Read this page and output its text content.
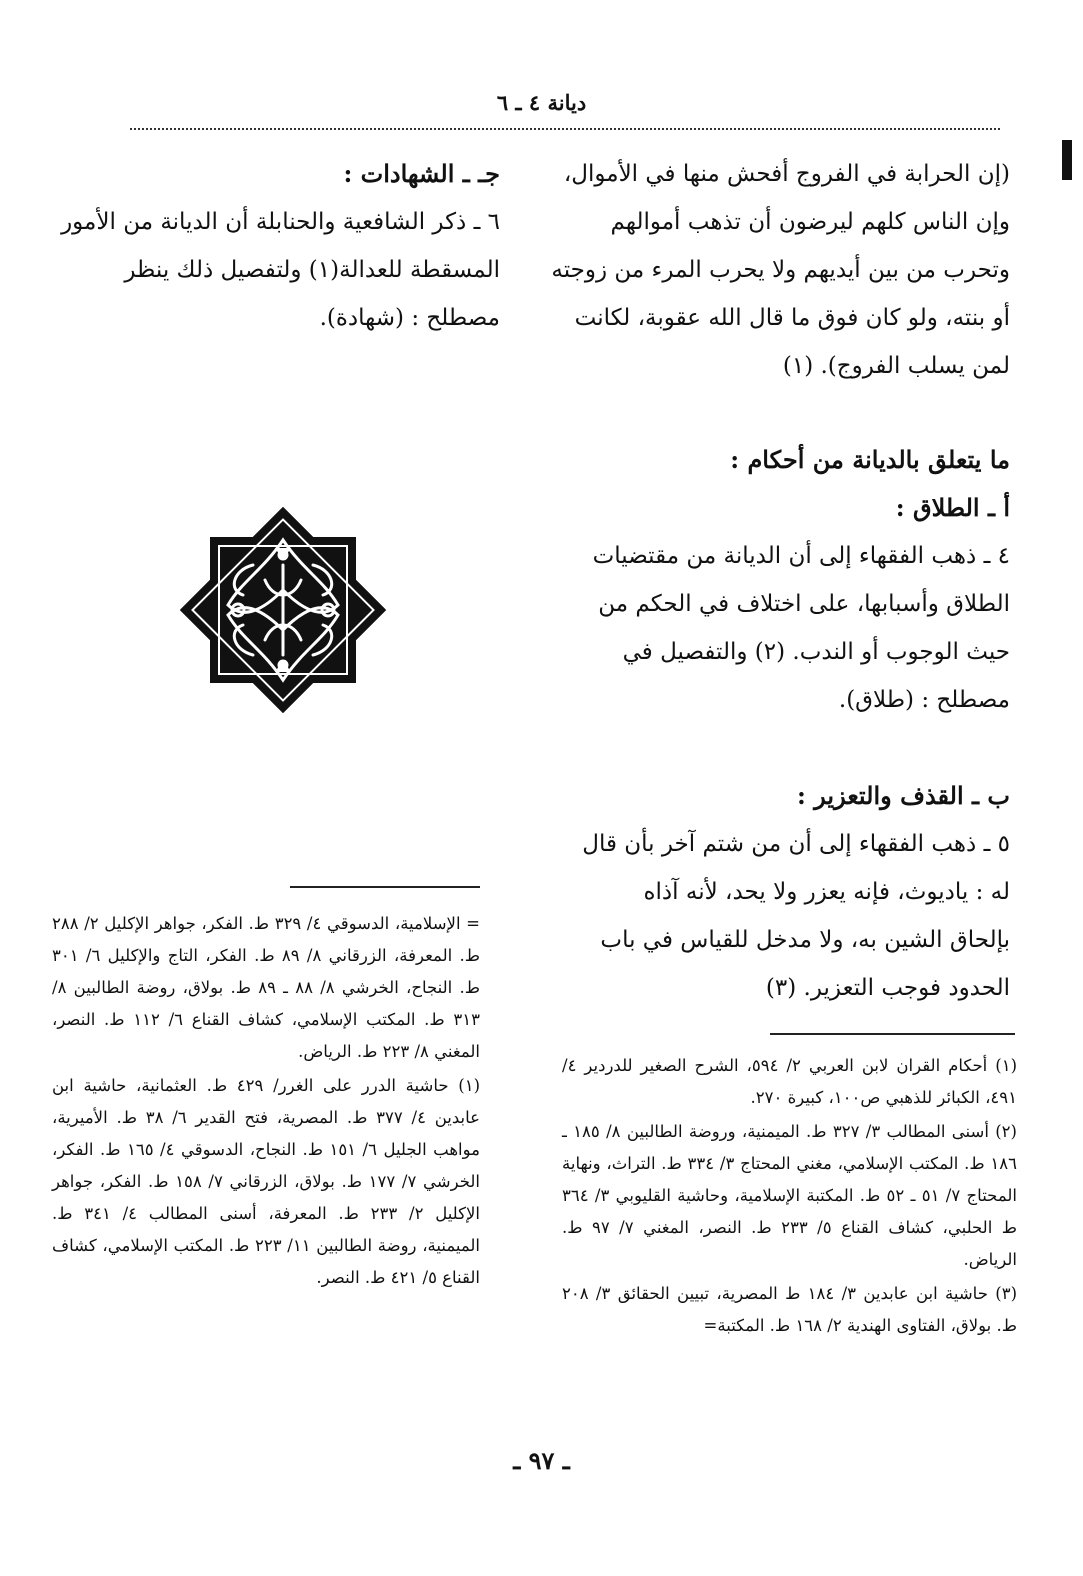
ديانة ٤ ـ ٦

(إن الحرابة في الفروج أفحش منها في الأموال،

وإن الناس كلهم ليرضون أن تذهب أموالهم

وتحرب من بين أيديهم ولا يحرب المرء من زوجته

أو بنته، ولو كان فوق ما قال الله عقوبة، لكانت

لمن يسلب الفروج). (١)

جـ ـ الشهادات :

٦ ـ ذكر الشافعية والحنابلة أن الديانة من الأمور

المسقطة للعدالة(١) ولتفصيل ذلك ينظر

مصطلح : (شهادة).

ما يتعلق بالديانة من أحكام :

أ ـ الطلاق :

٤ ـ ذهب الفقهاء إلى أن الديانة من مقتضيات

الطلاق وأسبابها، على اختلاف في الحكم من

حيث الوجوب أو الندب. (٢) والتفصيل في

مصطلح : (طلاق).

ب ـ القذف والتعزير :

٥ ـ ذهب الفقهاء إلى أن من شتم آخر بأن قال

له : ياديوث، فإنه يعزر ولا يحد، لأنه آذاه

بإلحاق الشين به، ولا مدخل للقياس في باب

الحدود فوجب التعزير. (٣)

= الإسلامية، الدسوقي ٤/ ٣٢٩ ط. الفكر، جواهر الإكليل ٢/ ٢٨٨ ط. المعرفة، الزرقاني ٨/ ٨٩ ط. الفكر، التاج والإكليل ٦/ ٣٠١ ط. النجاح، الخرشي ٨/ ٨٨ ـ ٨٩ ط. بولاق، روضة الطالبين ٨/ ٣١٣ ط. المكتب الإسلامي، كشاف القناع ٦/ ١١٢ ط. النصر، المغني ٨/ ٢٢٣ ط. الرياض.

(١) حاشية الدرر على الغرر/ ٤٢٩ ط. العثمانية، حاشية ابن عابدين ٤/ ٣٧٧ ط. المصرية، فتح القدير ٦/ ٣٨ ط. الأميرية، مواهب الجليل ٦/ ١٥١ ط. النجاح، الدسوقي ٤/ ١٦٥ ط. الفكر، الخرشي ٧/ ١٧٧ ط. بولاق، الزرقاني ٧/ ١٥٨ ط. الفكر، جواهر الإكليل ٢/ ٢٣٣ ط. المعرفة، أسنى المطالب ٤/ ٣٤١ ط. الميمنية، روضة الطالبين ١١/ ٢٢٣ ط. المكتب الإسلامي، كشاف القناع ٥/ ٤٢١ ط. النصر.

(١) أحكام القران لابن العربي ٢/ ٥٩٤، الشرح الصغير للدردير ٤/ ٤٩١، الكبائر للذهبي ص١٠٠، كبيرة ٢٧٠.

(٢) أسنى المطالب ٣/ ٣٢٧ ط. الميمنية، وروضة الطالبين ٨/ ١٨٥ ـ ١٨٦ ط. المكتب الإسلامي، مغني المحتاج ٣/ ٣٣٤ ط. التراث، ونهاية المحتاج ٧/ ٥١ ـ ٥٢ ط. المكتبة الإسلامية، وحاشية القليوبي ٣/ ٣٦٤ ط الحلبي، كشاف القناع ٥/ ٢٣٣ ط. النصر، المغني ٧/ ٩٧ ط. الرياض.

(٣) حاشية ابن عابدين ٣/ ١٨٤ ط المصرية، تبيين الحقائق ٣/ ٢٠٨ ط. بولاق، الفتاوى الهندية ٢/ ١٦٨ ط. المكتبة=

ـ ٩٧ ـ
